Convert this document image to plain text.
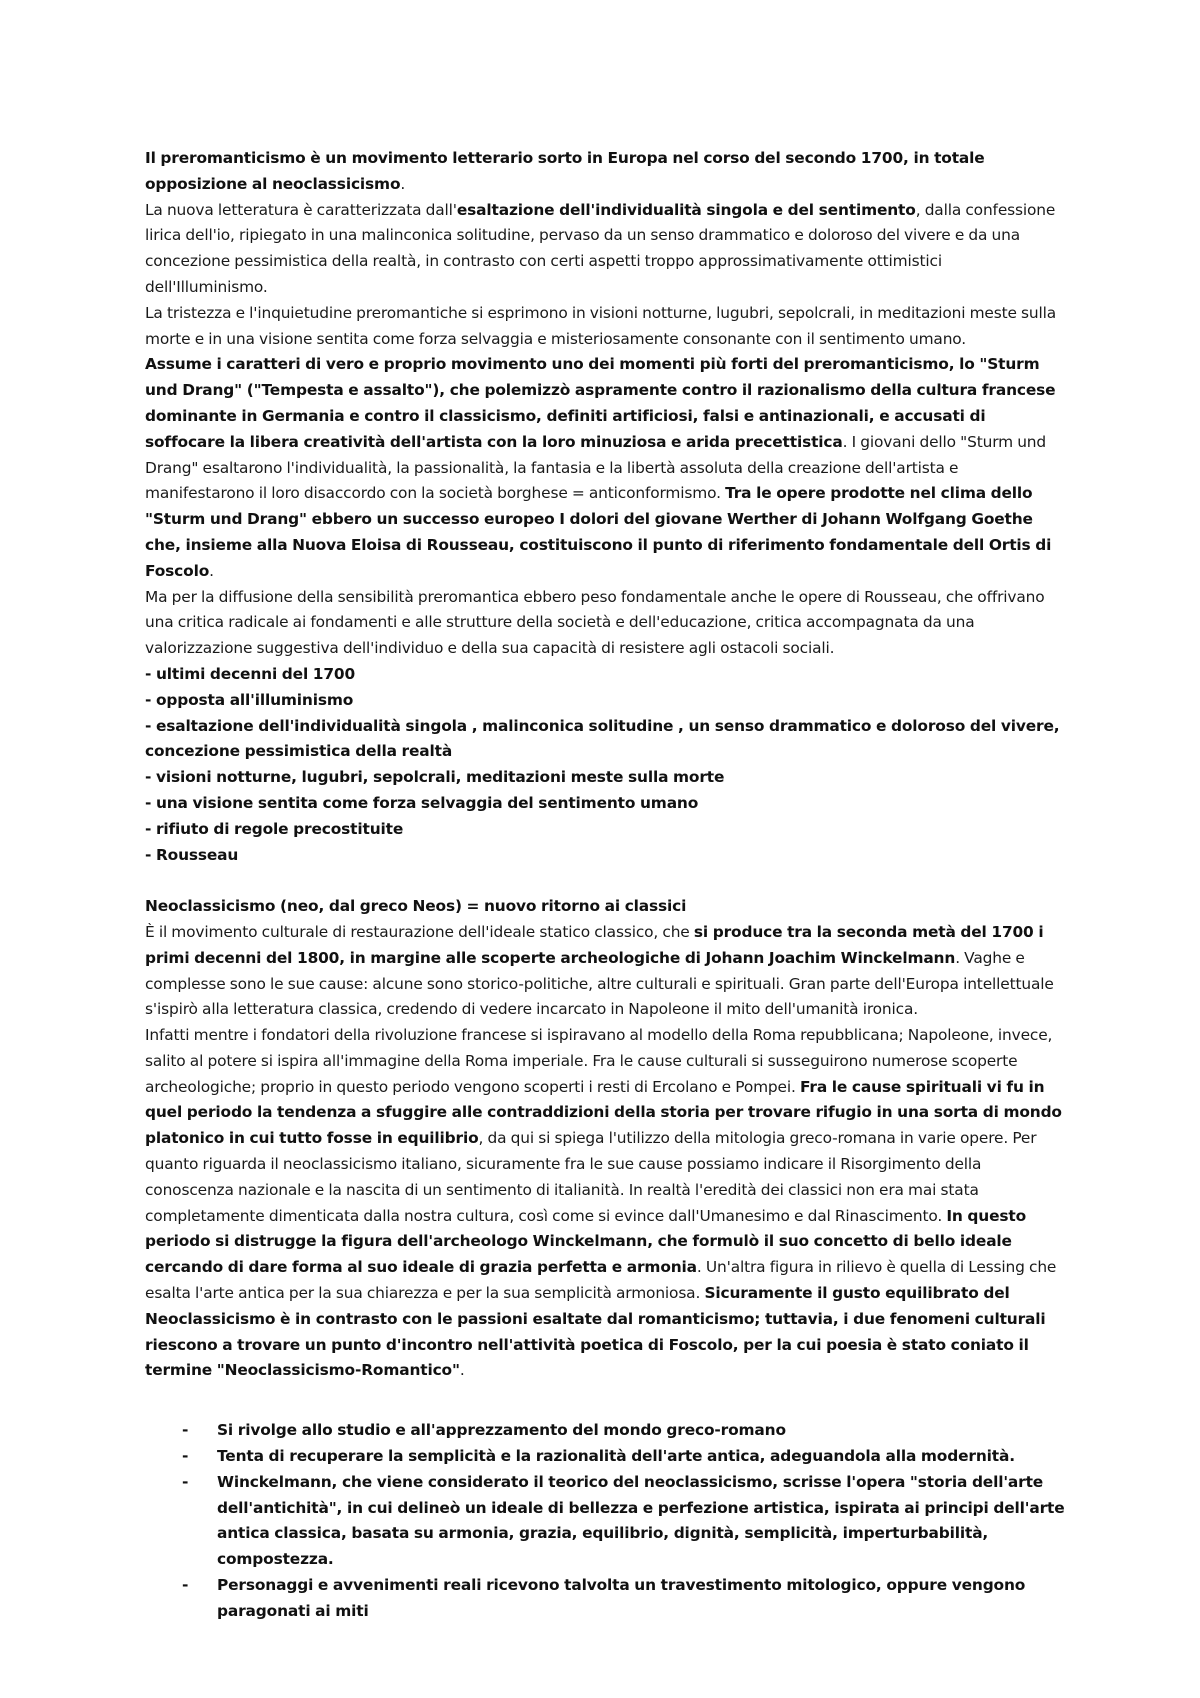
Il preromanticismo è un movimento letterario sorto in Europa nel corso del secondo 1700, in totale opposizione al neoclassicismo.

La nuova letteratura è caratterizzata dall'esaltazione dell'individualità singola e del sentimento, dalla confessione lirica dell'io, ripiegato in una malinconica solitudine, pervaso da un senso drammatico e doloroso del vivere e da una concezione pessimistica della realtà, in contrasto con certi aspetti troppo approssimativamente ottimistici dell'Illuminismo.

La tristezza e l'inquietudine preromantiche si esprimono in visioni notturne, lugubri, sepolcrali, in meditazioni meste sulla morte e in una visione sentita come forza selvaggia e misteriosamente consonante con il sentimento umano.

Assume i caratteri di vero e proprio movimento uno dei momenti più forti del preromanticismo, lo "Sturm und Drang" ("Tempesta e assalto"), che polemizzò aspramente contro il razionalismo della cultura francese dominante in Germania e contro il classicismo, definiti artificiosi, falsi e antinazionali, e accusati di soffocare la libera creatività dell'artista con la loro minuziosa e arida precettistica. I giovani dello "Sturm und Drang" esaltarono l'individualità, la passionalità, la fantasia e la libertà assoluta della creazione dell'artista e manifestarono il loro disaccordo con la società borghese = anticonformismo. Tra le opere prodotte nel clima dello "Sturm und Drang" ebbero un successo europeo I dolori del giovane Werther di Johann Wolfgang Goethe che, insieme alla Nuova Eloisa di Rousseau, costituiscono il punto di riferimento fondamentale dell Ortis di Foscolo.

Ma per la diffusione della sensibilità preromantica ebbero peso fondamentale anche le opere di Rousseau, che offrivano una critica radicale ai fondamenti e alle strutture della società e dell'educazione, critica accompagnata da una valorizzazione suggestiva dell'individuo e della sua capacità di resistere agli ostacoli sociali.

- ultimi decenni del 1700
- opposta all'illuminismo
- esaltazione dell'individualità singola , malinconica solitudine , un senso drammatico e doloroso del vivere, concezione pessimistica della realtà
- visioni notturne, lugubri, sepolcrali, meditazioni meste sulla morte
- una visione sentita come forza selvaggia del sentimento umano
- rifiuto di regole precostituite
- Rousseau

Neoclassicismo (neo, dal greco Neos) = nuovo ritorno ai classici

È il movimento culturale di restaurazione dell'ideale statico classico, che si produce tra la seconda metà del 1700 i primi decenni del 1800, in margine alle scoperte archeologiche di Johann Joachim Winckelmann. Vaghe e complesse sono le sue cause: alcune sono storico-politiche, altre culturali e spirituali. Gran parte dell'Europa intellettuale s'ispirò alla letteratura classica, credendo di vedere incarcato in Napoleone il mito dell'umanità ironica.

Infatti mentre i fondatori della rivoluzione francese si ispiravano al modello della Roma repubblicana; Napoleone, invece, salito al potere si ispira all'immagine della Roma imperiale. Fra le cause culturali si susseguirono numerose scoperte archeologiche; proprio in questo periodo vengono scoperti i resti di Ercolano e Pompei. Fra le cause spirituali vi fu in quel periodo la tendenza a sfuggire alle contraddizioni della storia per trovare rifugio in una sorta di mondo platonico in cui tutto fosse in equilibrio, da qui si spiega l'utilizzo della mitologia greco-romana in varie opere. Per quanto riguarda il neoclassicismo italiano, sicuramente fra le sue cause possiamo indicare il Risorgimento della conoscenza nazionale e la nascita di un sentimento di italianità. In realtà l'eredità dei classici non era mai stata completamente dimenticata dalla nostra cultura, così come si evince dall'Umanesimo e dal Rinascimento. In questo periodo si distrugge la figura dell'archeologo Winckelmann, che formulò il suo concetto di bello ideale cercando di dare forma al suo ideale di grazia perfetta e armonia. Un'altra figura in rilievo è quella di Lessing che esalta l'arte antica per la sua chiarezza e per la sua semplicità armoniosa. Sicuramente il gusto equilibrato del Neoclassicismo è in contrasto con le passioni esaltate dal romanticismo; tuttavia, i due fenomeni culturali riescono a trovare un punto d'incontro nell'attività poetica di Foscolo, per la cui poesia è stato coniato il termine "Neoclassicismo-Romantico".

- Si rivolge allo studio e all'apprezzamento del mondo greco-romano
- Tenta di recuperare la semplicità e la razionalità dell'arte antica, adeguandola alla modernità.
- Winckelmann, che viene considerato il teorico del neoclassicismo, scrisse l'opera "storia dell'arte dell'antichità", in cui delineò un ideale di bellezza e perfezione artistica, ispirata ai principi dell'arte antica classica, basata su armonia, grazia, equilibrio, dignità, semplicità, imperturbabilità, compostezza.
- Personaggi e avvenimenti reali ricevono talvolta un travestimento mitologico, oppure vengono paragonati ai miti
